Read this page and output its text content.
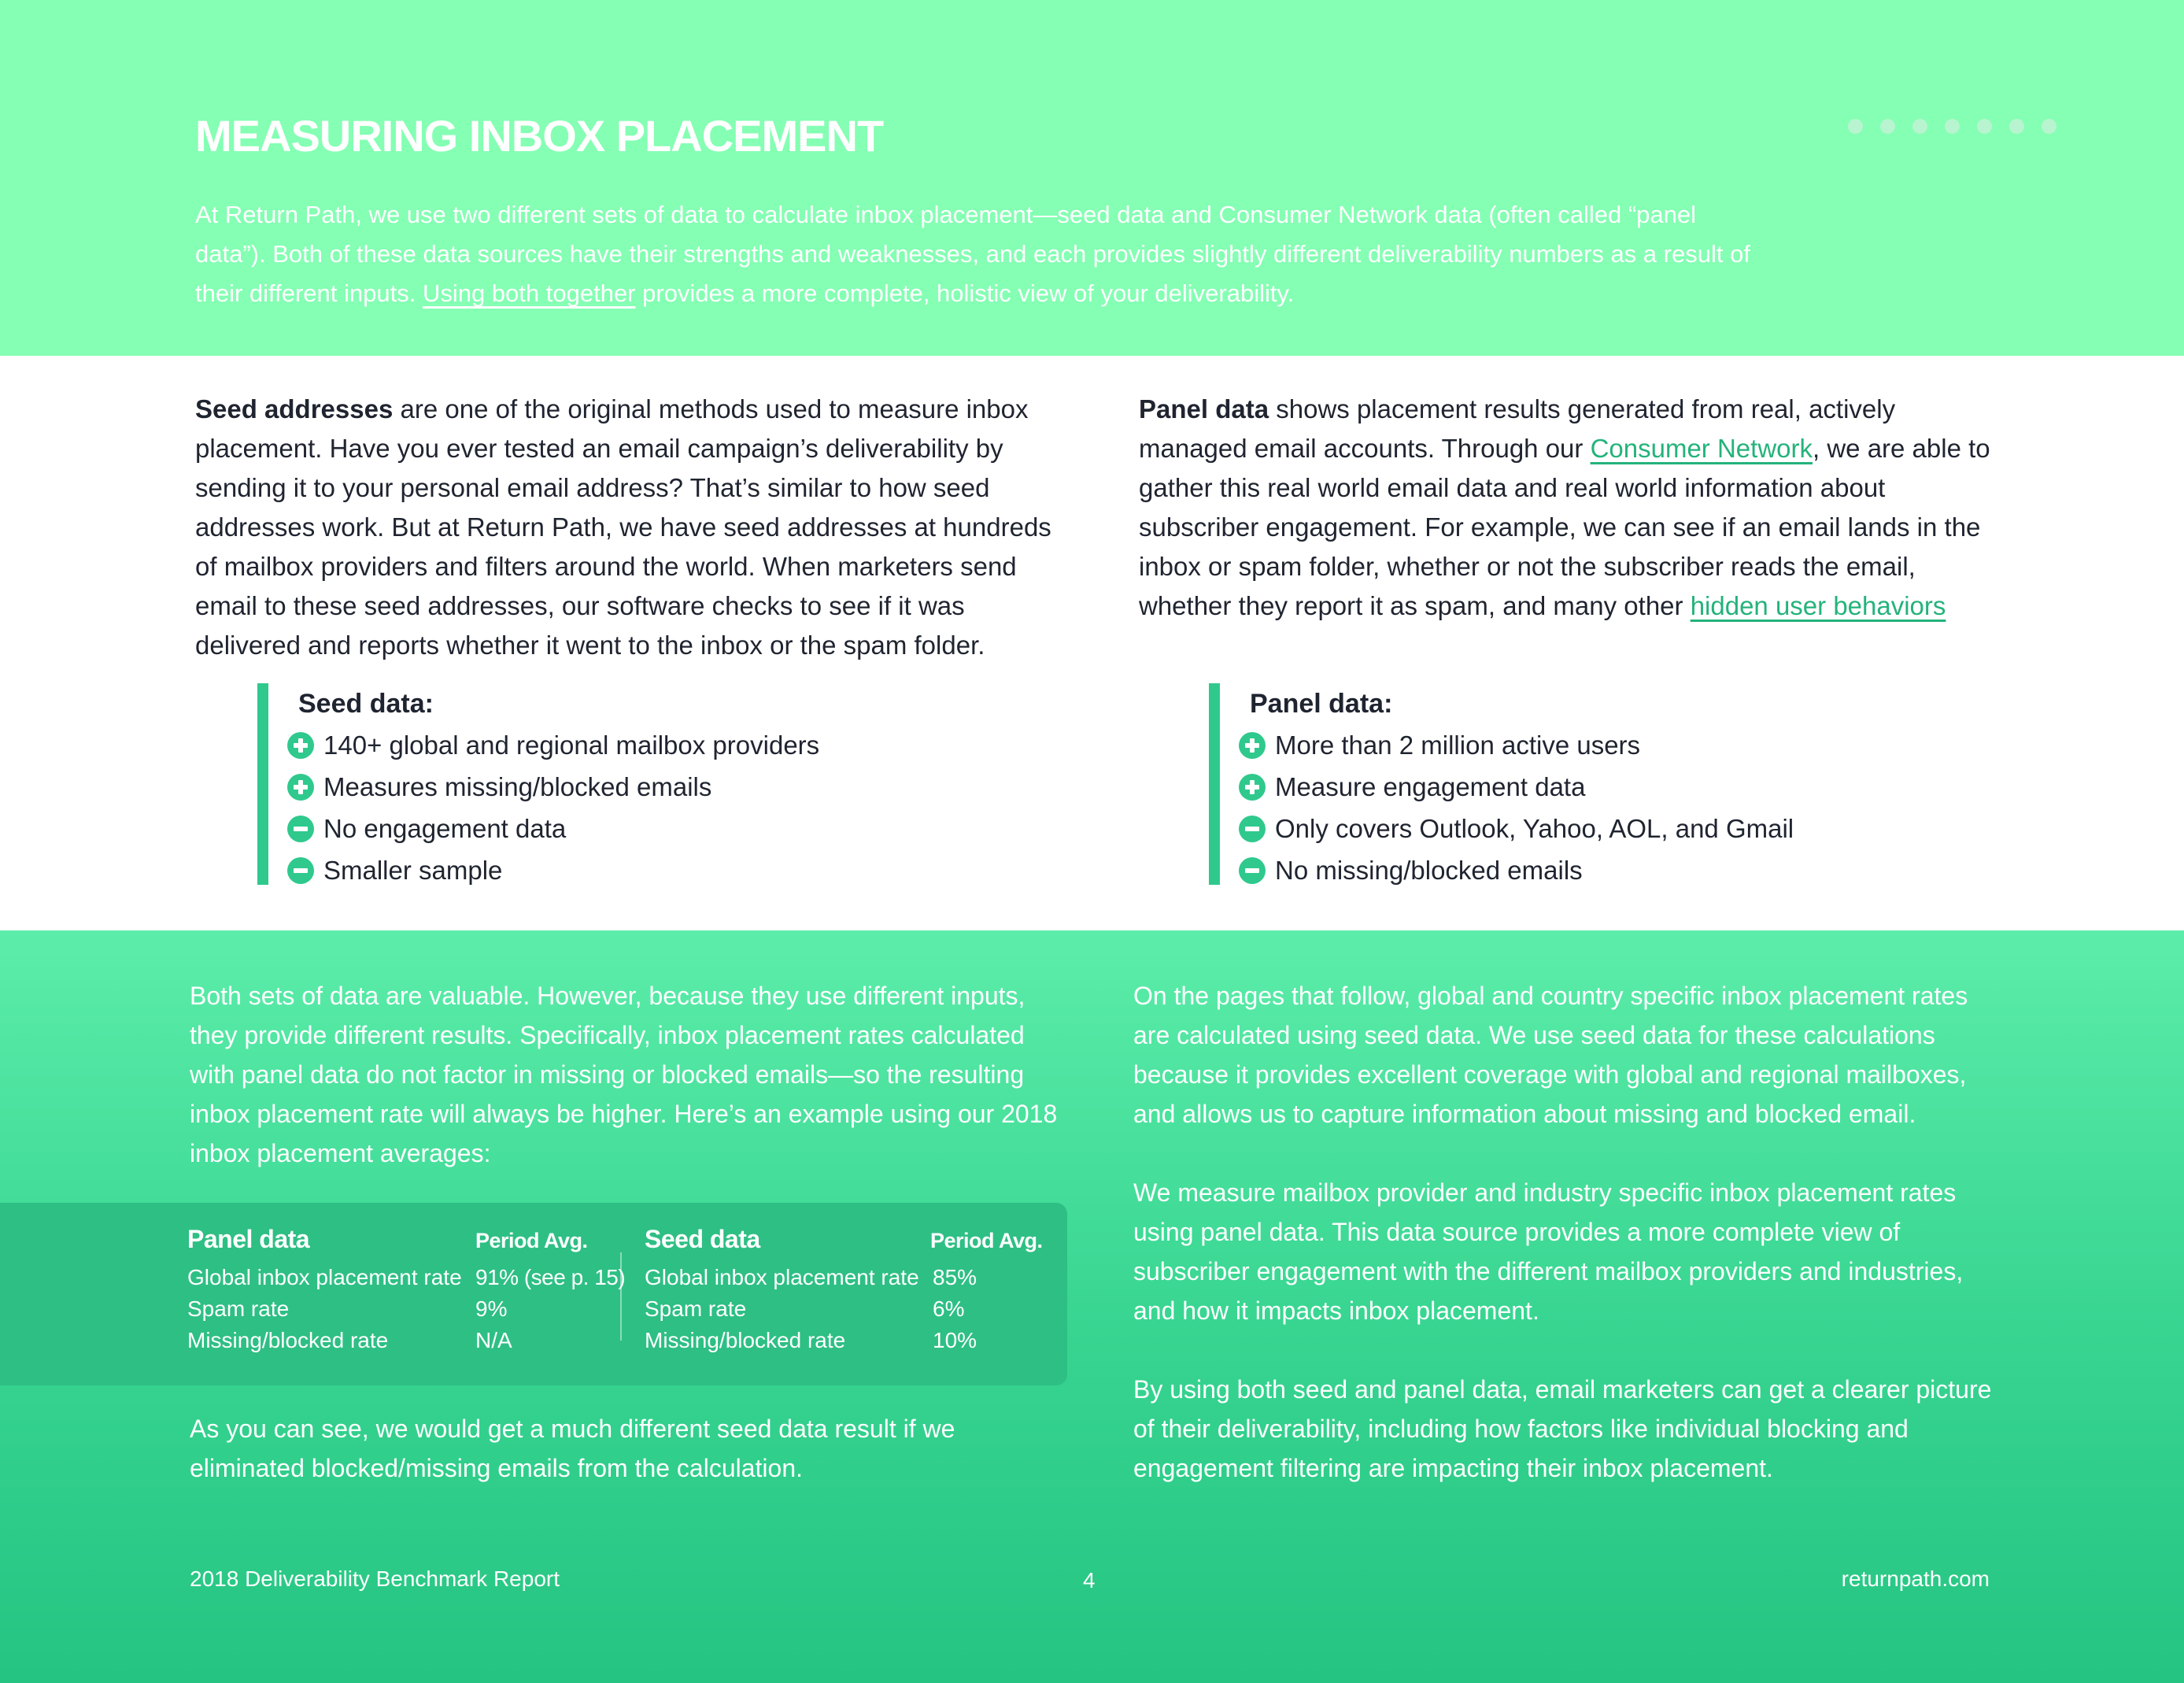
MEASURING INBOX PLACEMENT

At Return Path, we use two different sets of data to calculate inbox placement—seed data and Consumer Network data (often called “panel data”). Both of these data sources have their strengths and weaknesses, and each provides slightly different deliverability numbers as a result of their different inputs. Using both together provides a more complete, holistic view of your deliverability.

Seed addresses are one of the original methods used to measure inbox placement. Have you ever tested an email campaign’s deliverability by sending it to your personal email address? That’s similar to how seed addresses work. But at Return Path, we have seed addresses at hundreds of mailbox providers and filters around the world. When marketers send email to these seed addresses, our software checks to see if it was delivered and reports whether it went to the inbox or the spam folder.

Seed data:
140+ global and regional mailbox providers
Measures missing/blocked emails
No engagement data
Smaller sample

Panel data shows placement results generated from real, actively managed email accounts. Through our Consumer Network, we are able to gather this real world email data and real world information about subscriber engagement. For example, we can see if an email lands in the inbox or spam folder, whether or not the subscriber reads the email, whether they report it as spam, and many other hidden user behaviors

Panel data:
More than 2 million active users
Measure engagement data
Only covers Outlook, Yahoo, AOL, and Gmail
No missing/blocked emails

Both sets of data are valuable. However, because they use different inputs, they provide different results. Specifically, inbox placement rates calculated with panel data do not factor in missing or blocked emails—so the resulting inbox placement rate will always be higher. Here’s an example using our 2018 inbox placement averages:

Panel data	Period Avg.
Global inbox placement rate 91% (see p. 15)
Spam rate	9%
Missing/blocked rate	N/A
Seed data	Period Avg.
Global inbox placement rate 85%
Spam rate	6%
Missing/blocked rate	10%

As you can see, we would get a much different seed data result if we eliminated blocked/missing emails from the calculation.

On the pages that follow, global and country specific inbox placement rates are calculated using seed data. We use seed data for these calculations because it provides excellent coverage with global and regional mailboxes, and allows us to capture information about missing and blocked email.

We measure mailbox provider and industry specific inbox placement rates using panel data. This data source provides a more complete view of subscriber engagement with the different mailbox providers and industries, and how it impacts inbox placement.

By using both seed and panel data, email marketers can get a clearer picture of their deliverability, including how factors like individual blocking and engagement filtering are impacting their inbox placement.

2018 Deliverability Benchmark Report	4	returnpath.com
